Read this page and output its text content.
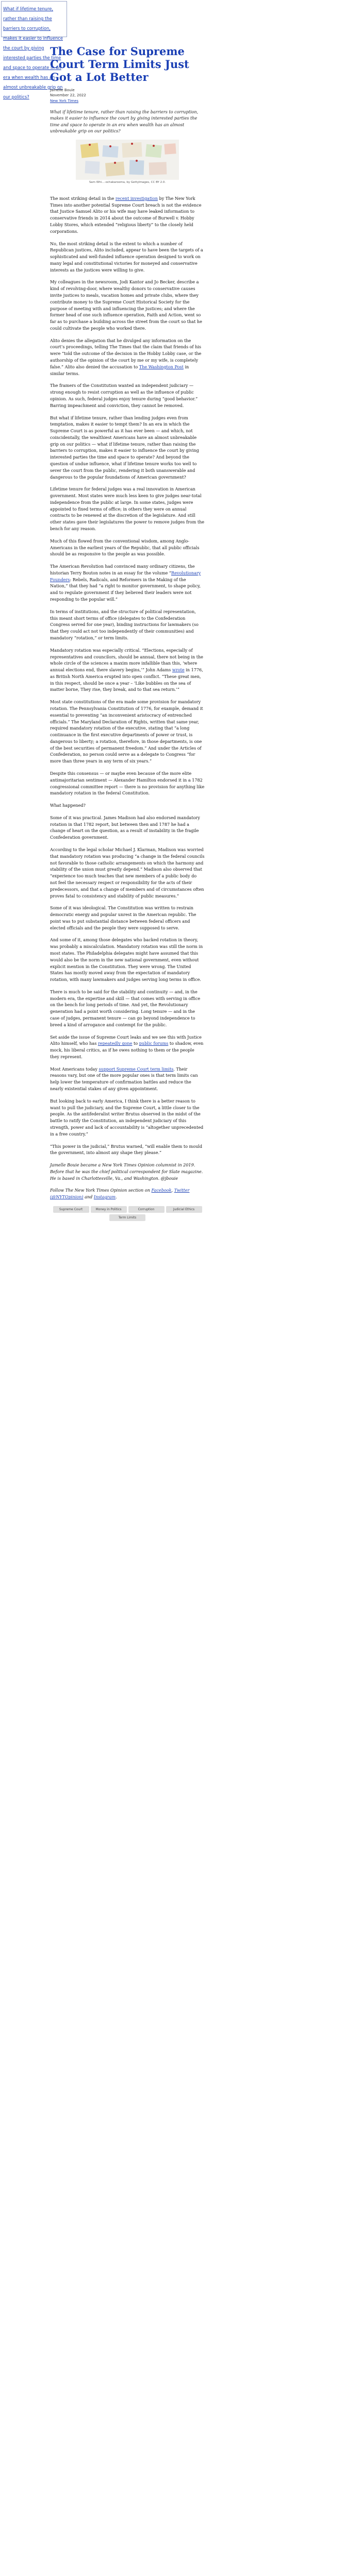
What if lifetime tenure, rather than raising the barriers to corruption, makes it easier to influence the court by giving interested parties the time and space to operate in an era when wealth has an almost unbreakable grip on our politics?
The Case for Supreme Court Term Limits Just Got a Lot Better
Jamelle Bouie
November 22, 2022
New York Times

What if lifetime tenure, rather than raising the barriers to corruption, makes it easier to influence the court by giving interested parties the time and space to operate in an era when wealth has an almost unbreakable grip on our politics?

Sam Whi...-ochakarooma, by GettyImages, CC BY 2.0.

The most striking detail in the recent investigation by The New York Times into another potential Supreme Court breach is not the evidence that Justice Samuel Alito or his wife may have leaked information to conservative friends in 2014 about the outcome of Burwell v. Hobby Lobby Stores, which extended “religious liberty” to the closely held corporations.

No, the most striking detail is the extent to which a number of Republican justices, Alito included, appear to have been the targets of a sophisticated and well-funded influence operation designed to work on many legal and constitutional victories for moneyed and conservative interests as the justices were willing to give.

My colleagues in the newsroom, Jodi Kantor and Jo Becker, describe a kind of revolving-door, where wealthy donors to conservative causes invite justices to meals, vacation homes and private clubs, where they contribute money to the Supreme Court Historical Society for the purpose of meeting with and influencing the justices; and where the former head of one such influence operation, Faith and Action, went so far as to purchase a building across the street from the court so that he could cultivate the people who worked there.

Alito denies the allegation that he divulged any information on the court’s proceedings, telling The Times that the claim that friends of his were “told the outcome of the decision in the Hobby Lobby case, or the authorship of the opinion of the court by me or my wife, is completely false.” Alito also denied the accusation to The Washington Post in similar terms.

The framers of the Constitution wanted an independent judiciary — strong enough to resist corruption as well as the influence of public opinion. As such, federal judges enjoy tenure during “good behavior.” Barring impeachment and conviction, they cannot be removed.

But what if lifetime tenure, rather than lending judges even from temptation, makes it easier to tempt them? In an era in which the Supreme Court is as powerful as it has ever been — and which, not coincidentally, the wealthiest Americans have an almost unbreakable grip on our politics — what if lifetime tenure, rather than raising the barriers to corruption, makes it easier to influence the court by giving interested parties the time and space to operate? And beyond the question of undue influence, what if lifetime tenure works too well to sever the court from the public, rendering it both unanswerable and dangerous to the popular foundations of American government?

Lifetime tenure for federal judges was a real innovation in American government. Most states were much less keen to give judges near-total independence from the public at large. In some states, judges were appointed to fixed terms of office; in others they were on annual contracts to be renewed at the discretion of the legislature. And still other states gave their legislatures the power to remove judges from the bench for any reason.

Much of this flowed from the conventional wisdom, among Anglo-Americans in the earliest years of the Republic, that all public officials should be as responsive to the people as was possible.

The American Revolution had convinced many ordinary citizens, the historian Terry Bouton notes in an essay for the volume “Revolutionary Founders: Rebels, Radicals, and Reformers in the Making of the Nation,” that they had “a right to monitor government, to shape policy, and to regulate government if they believed their leaders were not responding to the popular will.”

In terms of institutions, and the structure of political representation, this meant short terms of office (delegates to the Confederation Congress served for one year), binding instructions for lawmakers (so that they could act not too independently of their communities) and mandatory “rotation,” or term limits.

Mandatory rotation was especially critical. “Elections, especially of representatives and councilors, should be annual, there not being in the whole circle of the sciences a maxim more infallible than this, ‘where annual elections end, there slavery begins,’” John Adams wrote in 1776, as British North America erupted into open conflict. “These great men, in this respect, should be once a year – ‘Like bubbles on the sea of matter borne, They rise, they break, and to that sea return.’”

Most state constitutions of the era made some provision for mandatory rotation. The Pennsylvania Constitution of 1776, for example, demand it essential to preventing “an inconvenient aristocracy of entrenched officials.” The Maryland Declaration of Rights, written that same year, required mandatory rotation of the executive, stating that “a long continuance in the first executive departments of power or trust, is dangerous to liberty; a rotation, therefore, in those departments, is one of the best securities of permanent freedom.” And under the Articles of Confederation, no person could serve as a delegate to Congress “for more than three years in any term of six years.”

Despite this consensus — or maybe even because of the more elite antimajoritarian sentiment — Alexander Hamilton endorsed it in a 1782 congressional committee report — there is no provision for anything like mandatory rotation in the federal Constitution.

What happened?

Some of it was practical. James Madison had also endorsed mandatory rotation in that 1782 report, but between then and 1787 he had a change of heart on the question, as a result of instability in the fragile Confederation government.

According to the legal scholar Michael J. Klarman, Madison was worried that mandatory rotation was producing “a change in the federal councils not favorable to those catholic arrangements on which the harmony and stability of the union must greatly depend.” Madison also observed that “experience too much teaches that new members of a public body do not feel the necessary respect or responsibility for the acts of their predecessors, and that a change of members and of circumstances often proves fatal to consistency and stability of public measures.”

Some of it was ideological. The Constitution was written to restrain democratic energy and popular unrest in the American republic. The point was to put substantial distance between federal officers and elected officials and the people they were supposed to serve.

And some of it, among those delegates who backed rotation in theory, was probably a miscalculation. Mandatory rotation was still the norm in most states. The Philadelphia delegates might have assumed that this would also be the norm in the new national government, even without explicit mention in the Constitution. They were wrong. The United States has mostly moved away from the expectation of mandatory rotation, with many lawmakers and judges serving long terms in office.

There is much to be said for the stability and continuity — and, in the modern era, the expertise and skill — that comes with serving in office on the bench for long periods of time. And yet, the Revolutionary generation had a point worth considering. Long tenure — and in the case of judges, permanent tenure — can go beyond independence to breed a kind of arrogance and contempt for the public.

Set aside the issue of Supreme Court leaks and we see this with Justice Alito himself, who has repeatedly gone to public forums to shadow, even mock, his liberal critics, as if he owes nothing to them or the people they represent.

Most Americans today support Supreme Court term limits. Their reasons vary, but one of the more popular ones is that term limits can help lower the temperature of confirmation battles and reduce the nearly existential stakes of any given appointment.

But looking back to early America, I think there is a better reason to want to pull the judiciary, and the Supreme Court, a little closer to the people. As the antifederalist writer Brutus observed in the midst of the battle to ratify the Constitution, an independent judiciary of this strength, power and lack of accountability is “altogether unprecedented in a free country.”

“This power in the judicial,” Brutus warned, “will enable them to mould the government, into almost any shape they please.”

Jamelle Bouie became a New York Times Opinion columnist in 2019. Before that he was the chief political correspondent for Slate magazine. He is based in Charlottesville, Va., and Washington. @jbouie

Follow The New York Times Opinion section on Facebook, Twitter (@NYTOpinion) and Instagram.

Supreme Court	Money in Politics	Corruption	Judicial Ethics
Term Limits
